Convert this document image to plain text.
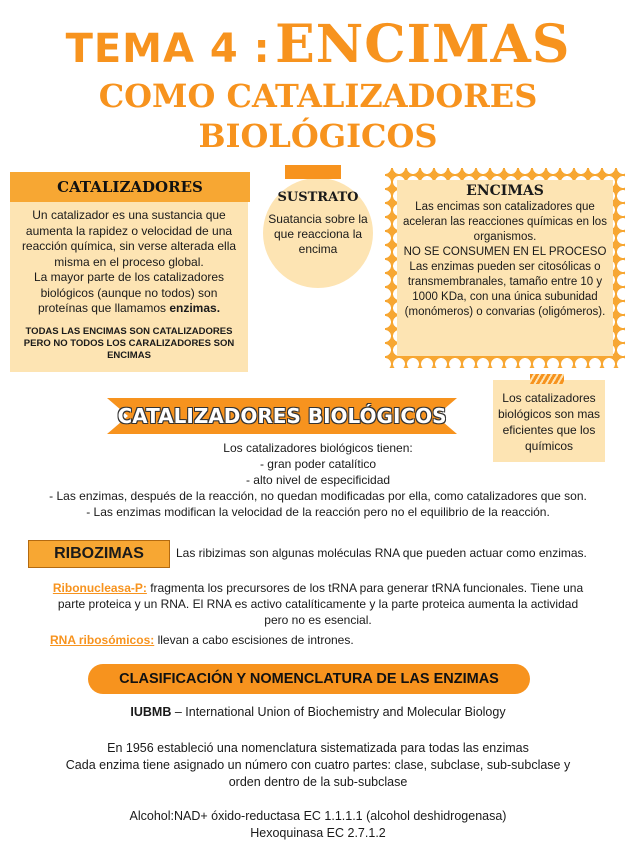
TEMA 4 : ENCIMAS
COMO CATALIZADORES
BIOLÓGICOS
CATALIZADORES
Un catalizador es una sustancia que aumenta la rapidez o velocidad de una reacción química, sin verse alterada ella misma en el proceso global.
La mayor parte de los catalizadores biológicos (aunque no todos) son proteínas que llamamos enzimas.
TODAS LAS ENCIMAS SON CATALIZADORES PERO NO TODOS LOS CARALIZADORES SON ENCIMAS
SUSTRATO
Suatancia sobre la que reacciona la encima
ENCIMAS
Las encimas son catalizadores que aceleran las reacciones químicas en los organismos.
NO SE CONSUMEN EN EL PROCESO
Las enzimas pueden ser citosólicas o transmembranales, tamaño entre 10 y 1000 KDa, con una única subunidad (monómeros) o convarias (oligómeros).
Los catalizadores biológicos son mas eficientes que los químicos
CATALIZADORES BIOLÓGICOS
Los catalizadores biológicos tienen:
- gran poder catalítico
- alto nivel de especificidad
- Las enzimas, después de la reacción, no quedan modificadas por ella, como catalizadores que son.
- Las enzimas modifican la velocidad de la reacción pero no el equilibrio de la reacción.
RIBOZIMAS	Las ribizimas son algunas moléculas RNA que pueden actuar como enzimas.
Ribonucleasa-P: fragmenta los precursores de los tRNA para generar tRNA funcionales. Tiene una parte proteica y un RNA. El RNA es activo catalíticamente y la parte proteica aumenta la actividad pero no es esencial.
RNA ribosómicos: llevan a cabo escisiones de intrones.
CLASIFICACIÓN Y NOMENCLATURA DE LAS ENZIMAS
IUBMB – International Union of Biochemistry and Molecular Biology
En 1956 estableció una nomenclatura sistematizada para todas las enzimas
Cada enzima tiene asignado un número con cuatro partes: clase, subclase, sub-subclase y orden dentro de la sub-subclase
Alcohol:NAD+ óxido-reductasa EC 1.1.1.1 (alcohol deshidrogenasa)
Hexoquinasa EC 2.7.1.2
